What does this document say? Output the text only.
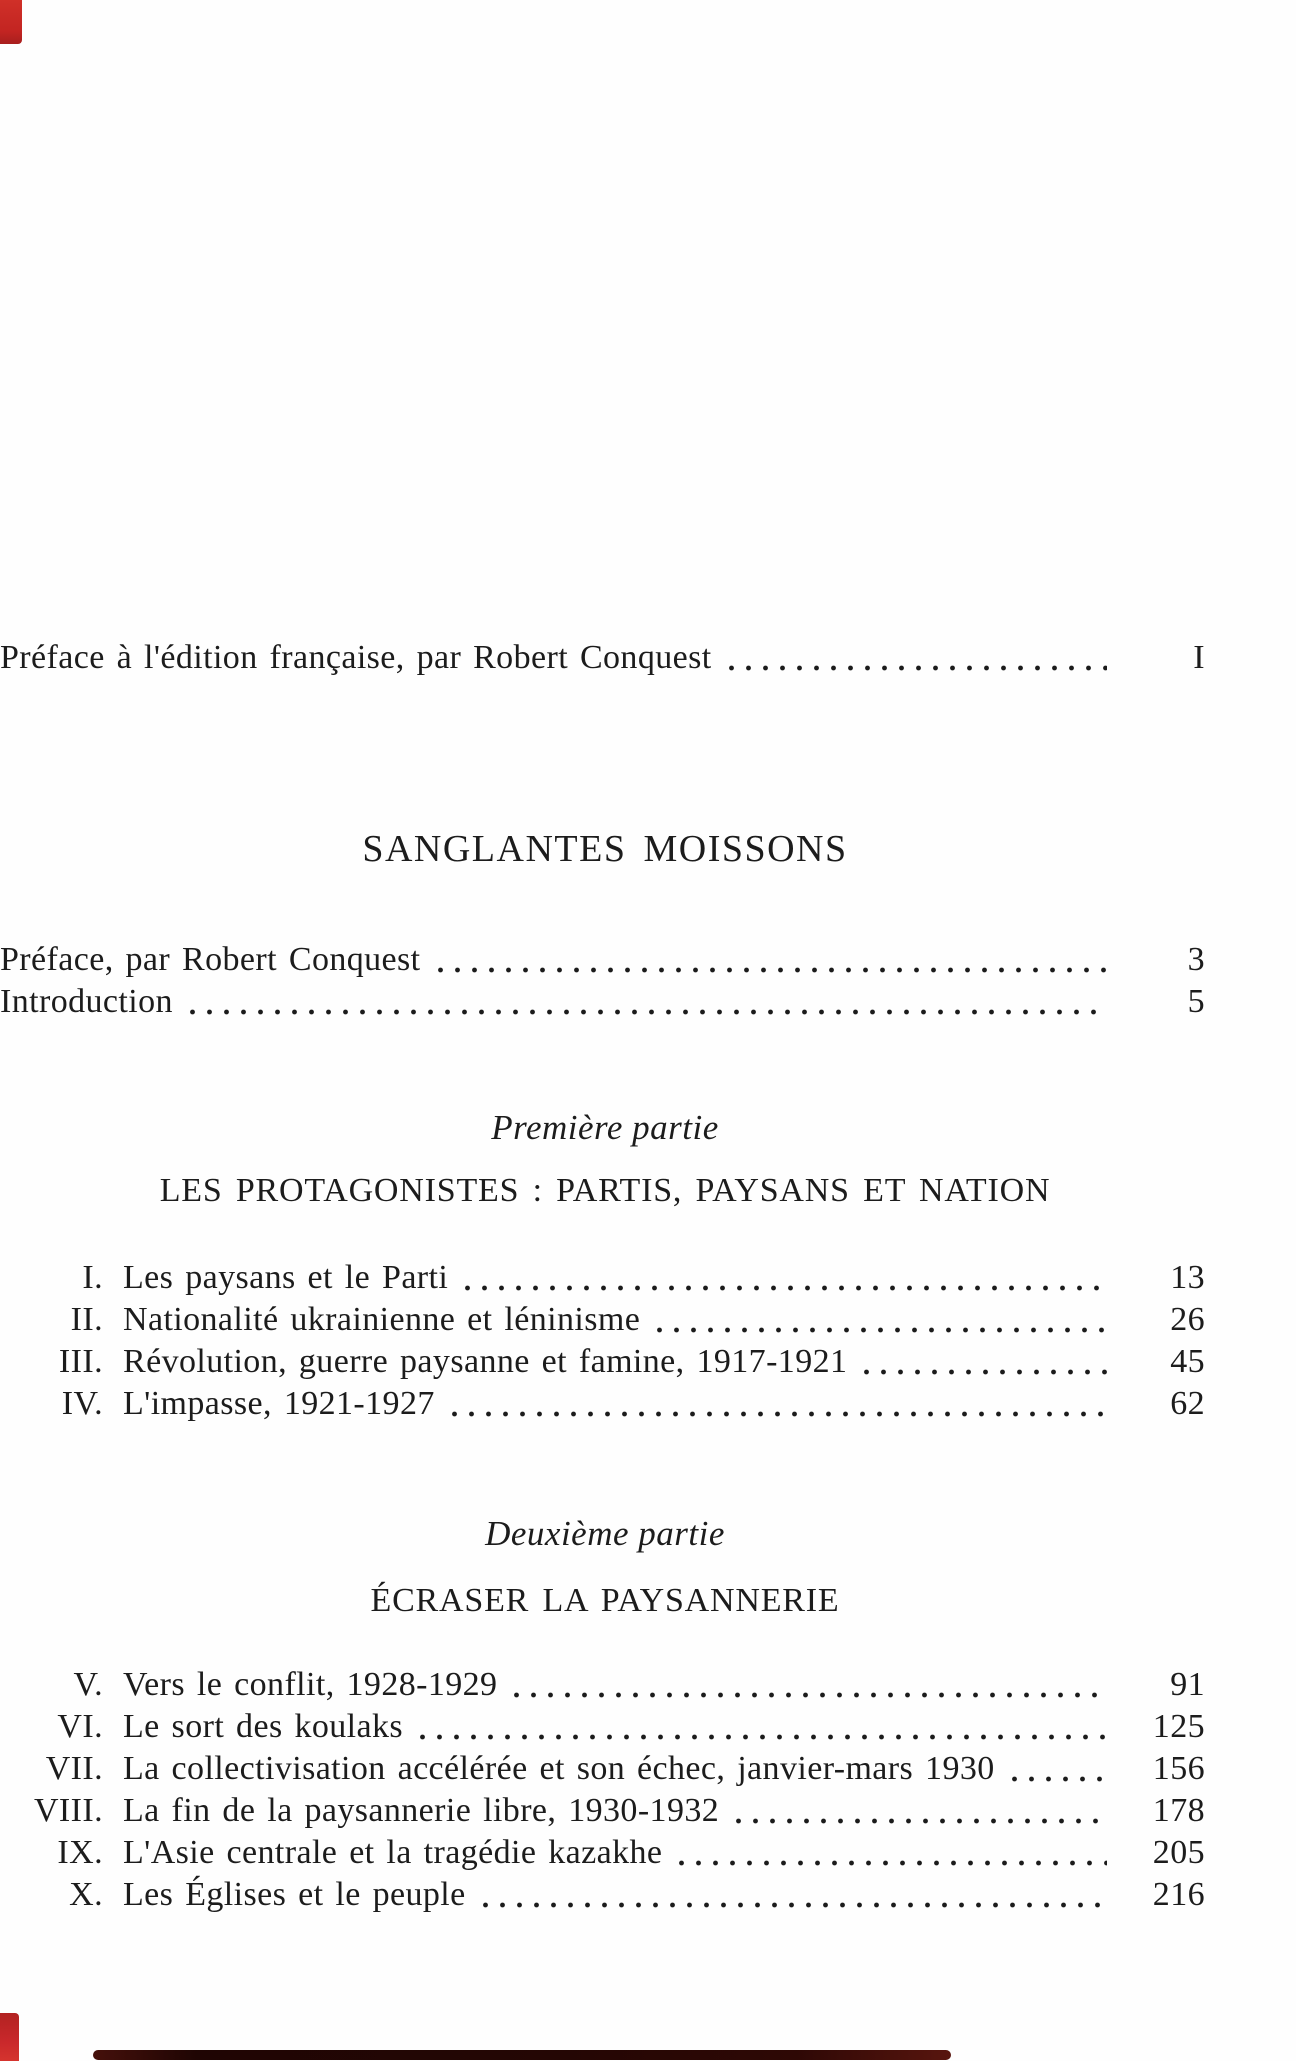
Préface à l'édition française, par Robert Conquest	I
SANGLANTES MOISSONS
Préface, par Robert Conquest	3
Introduction	5
Première partie
LES PROTAGONISTES : PARTIS, PAYSANS ET NATION
I. Les paysans et le Parti	13
II. Nationalité ukrainienne et léninisme	26
III. Révolution, guerre paysanne et famine, 1917-1921	45
IV. L'impasse, 1921-1927	62
Deuxième partie
ÉCRASER LA PAYSANNERIE
V. Vers le conflit, 1928-1929	91
VI. Le sort des koulaks	125
VII. La collectivisation accélérée et son échec, janvier-mars 1930	156
VIII. La fin de la paysannerie libre, 1930-1932	178
IX. L'Asie centrale et la tragédie kazakhe	205
X. Les Églises et le peuple	216
